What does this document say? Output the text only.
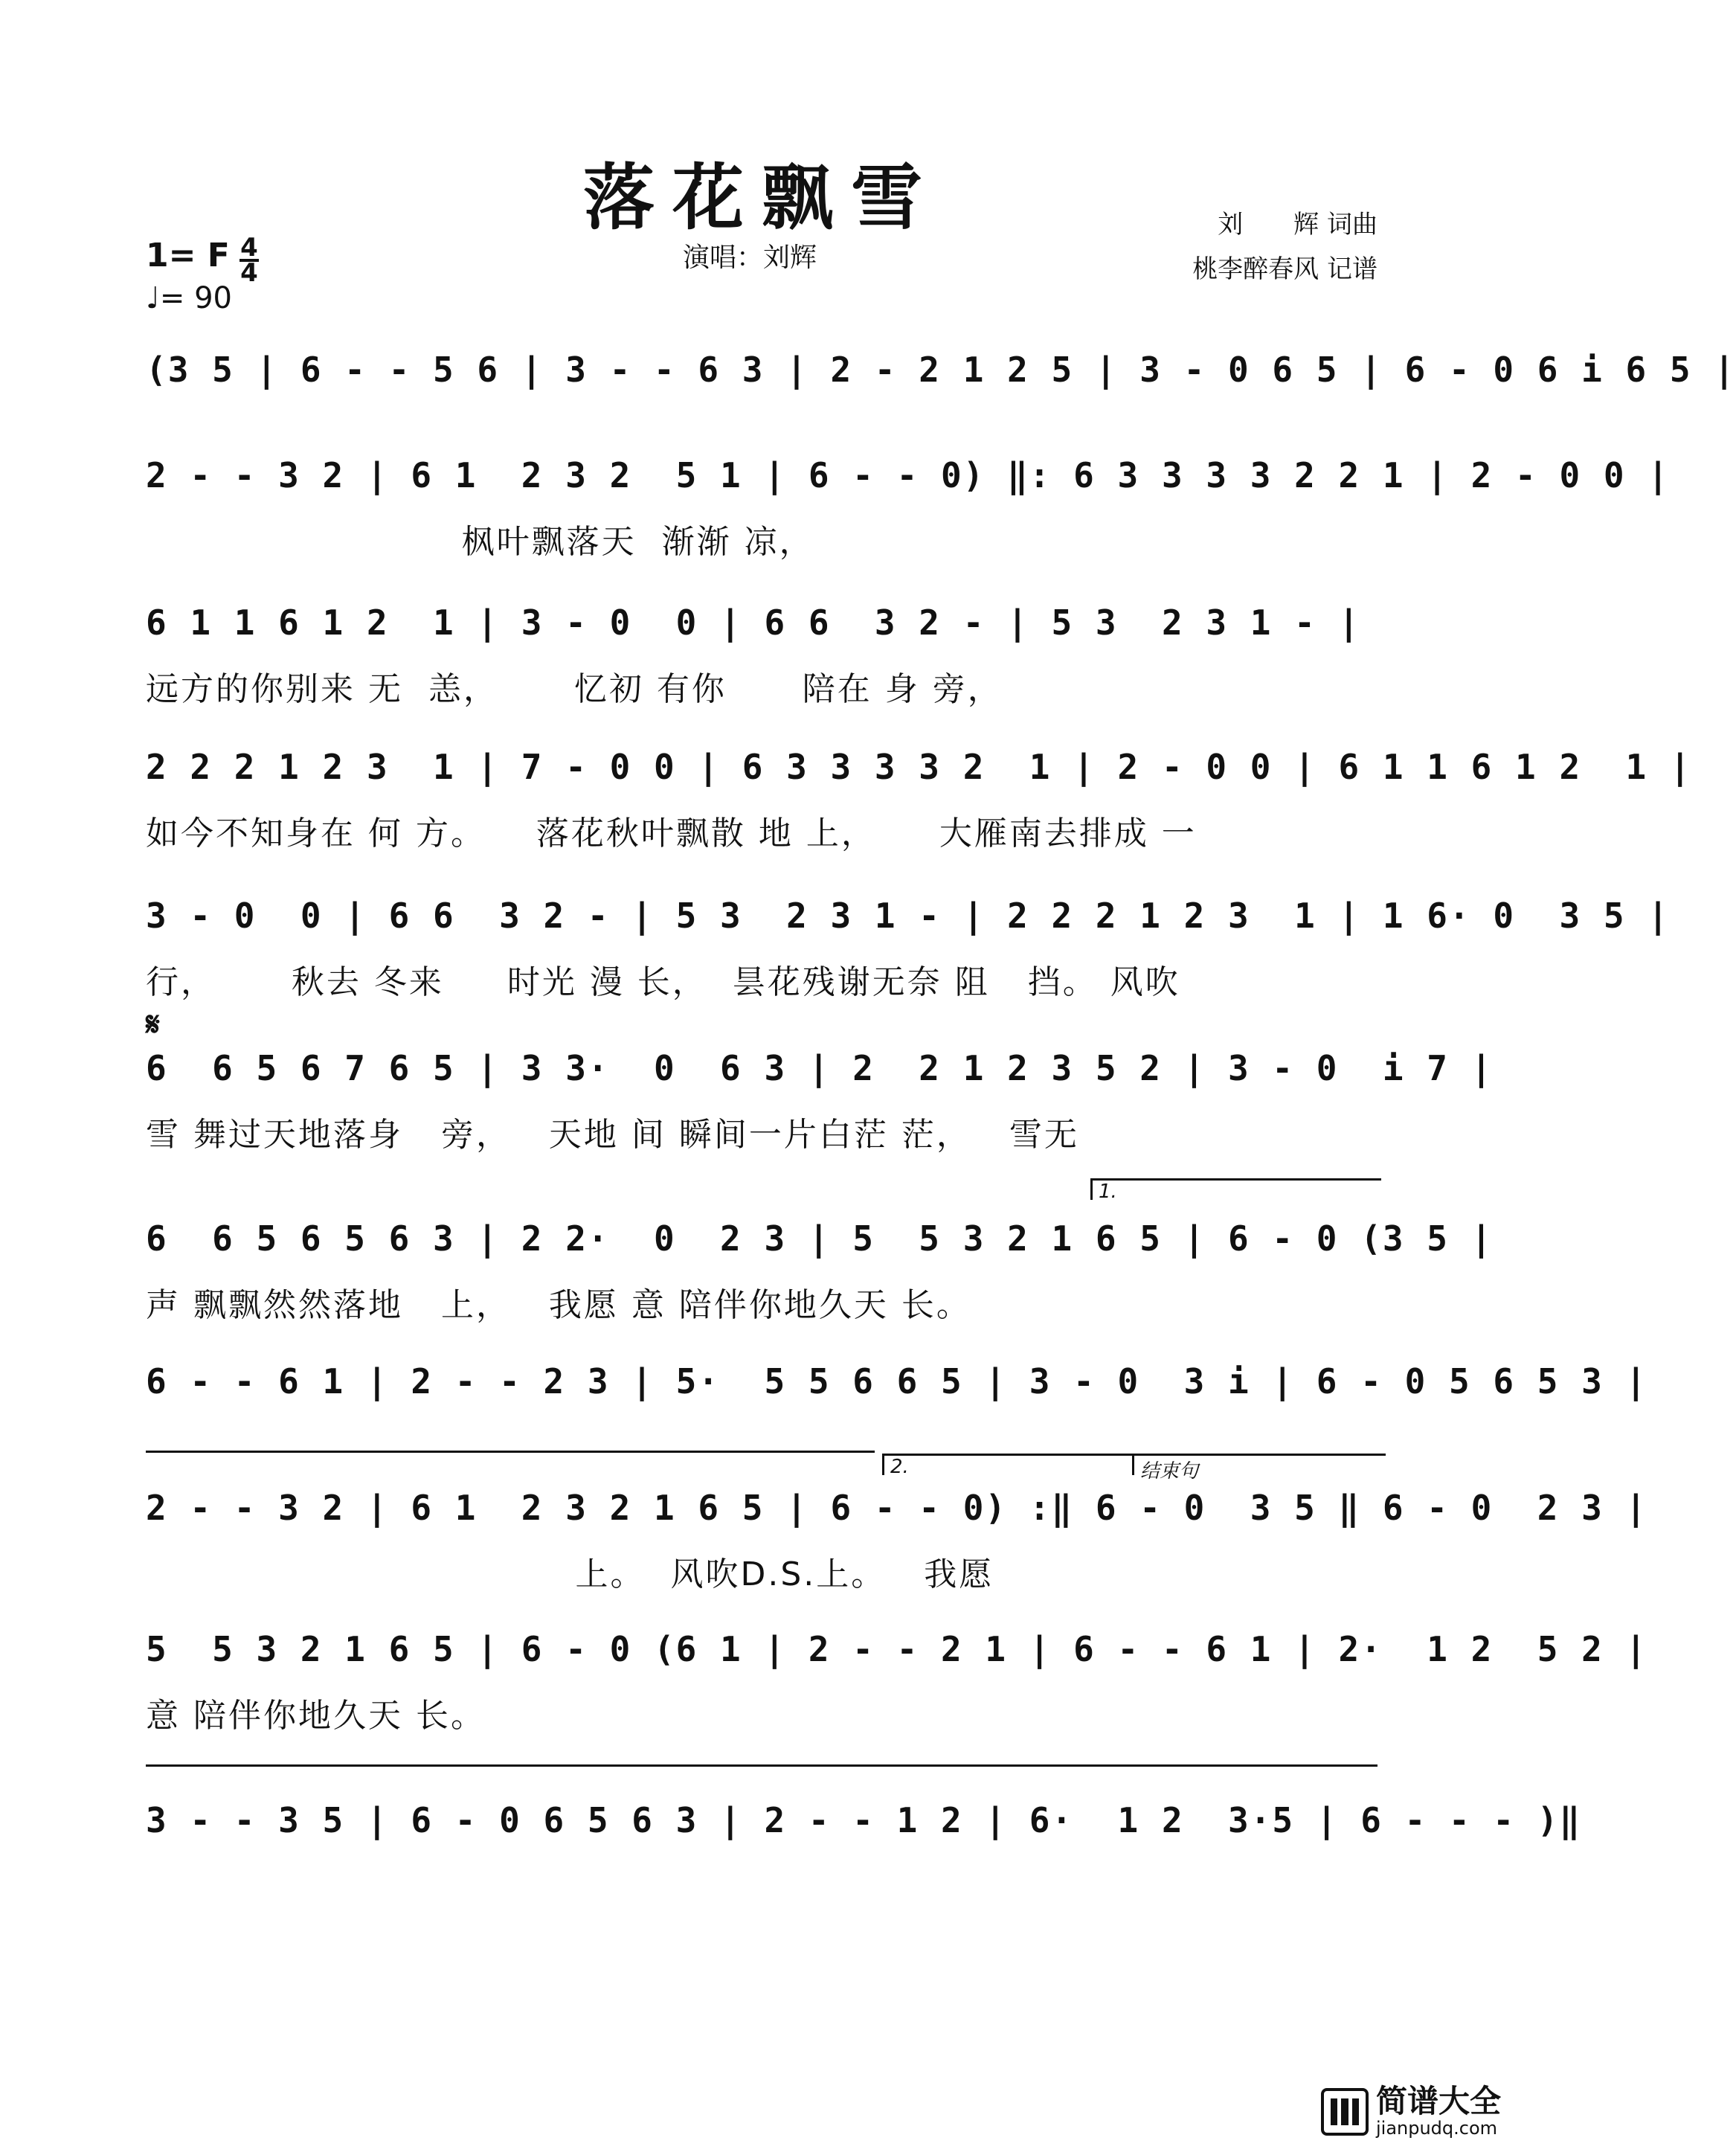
落花飘雪	刘　　辉 词曲
桃李醉春风 记谱
演唱：刘辉
1= F 4
4
♩= 90
(3 5 | 6 - - 5 6 | 3 - - 6 3 | 2 - 2 1 2 5 | 3 - 0 6 5 | 6 - 0 6 i 6 5 |
2 - - 3 2 | 6 1  2 3 2  5 1 | 6 - - 0) ‖: 6 3 3 3 3 2 2 1 | 2 - 0 0 |
枫叶飘落天  渐渐 凉，
6 1 1 6 1 2  1 | 3 - 0  0 | 6 6  3 2 - | 5 3  2 3 1 - |
远方的你别来 无  恙，      忆初 有你      陪在 身 旁，
2 2 2 1 2 3  1 | 7 - 0 0 | 6 3 3 3 3 2  1 | 2 - 0 0 | 6 1 1 6 1 2  1 |
如今不知身在 何 方。    落花秋叶飘散 地 上，     大雁南去排成 一
3 - 0  0 | 6 6  3 2 - | 5 3  2 3 1 - | 2 2 2 1 2 3  1 | 1 6· 0  3 5 |
行，      秋去 冬来     时光 漫 长，  昙花残谢无奈 阻   挡。 风吹
𝄋
6  6 5 6 7 6 5 | 3 3·  0  6 3 | 2  2 1 2 3 5 2 | 3 - 0  i 7 |
雪 舞过天地落身   旁，   天地 间 瞬间一片白茫 茫，   雪无
1.
6  6 5 6 5 6 3 | 2 2·  0  2 3 | 5  5 3 2 1 6 5 | 6 - 0 (3 5 |
声 飘飘然然落地   上，   我愿 意 陪伴你地久天 长。
6 - - 6 1 | 2 - - 2 3 | 5·  5 5 6 6 5 | 3 - 0  3 i | 6 - 0 5 6 5 3 |
2.	结束句
2 - - 3 2 | 6 1  2 3 2 1 6 5 | 6 - - 0) :‖ 6 - 0  3 5 ‖ 6 - 0  2 3 |
上。  风吹D.S.上。   我愿
5  5 3 2 1 6 5 | 6 - 0 (6 1 | 2 - - 2 1 | 6 - - 6 1 | 2·  1 2  5 2 |
意 陪伴你地久天 长。
3 - - 3 5 | 6 - 0 6 5 6 3 | 2 - - 1 2 | 6·  1 2  3·5 | 6 - - - )‖
简谱大全
jianpudq.com
